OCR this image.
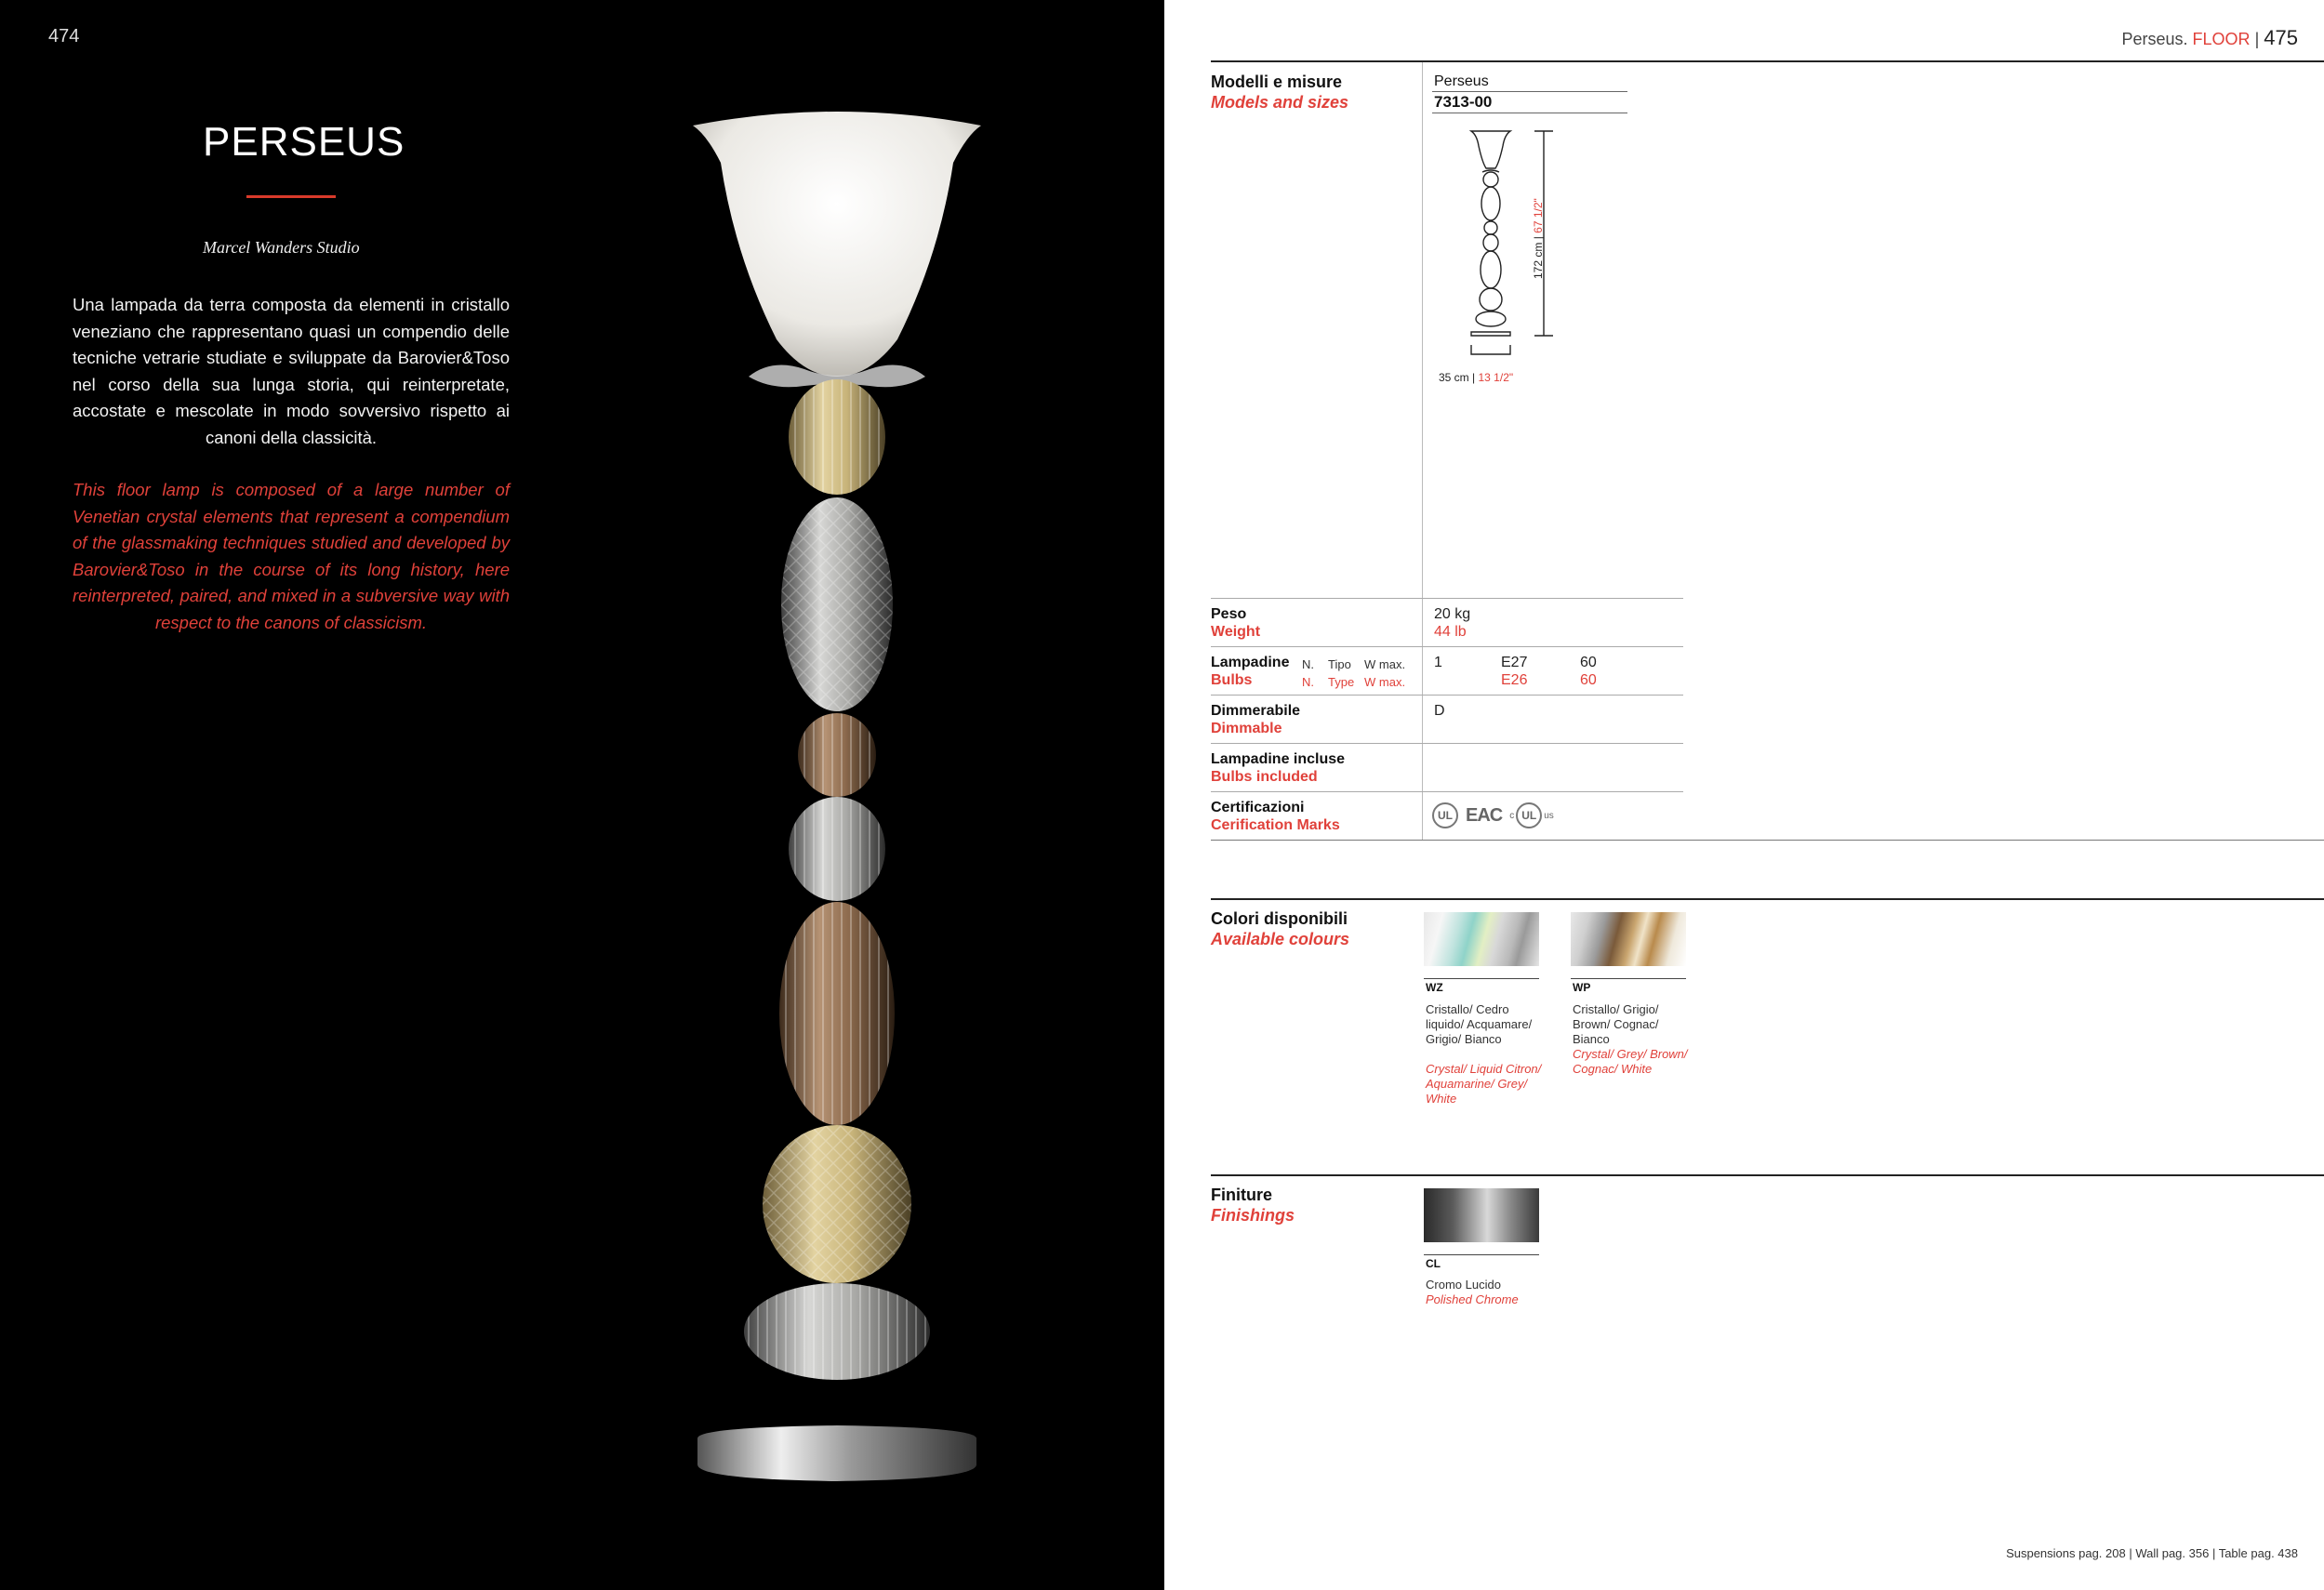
474
PERSEUS
Marcel Wanders Studio

Una lampada da terra composta da elementi in cristallo veneziano che rappresentano quasi un compendio delle tecniche vetrarie studiate e sviluppate da Barovier&Toso nel corso della sua lunga storia, qui reinterpretate, accostate e mescolate in modo sovversivo rispetto ai canoni della classicità.

This floor lamp is composed of a large number of Venetian crystal elements that represent a compendium of the glassmaking techniques studied and developed by Barovier&Toso in the course of its long history, here reinterpreted, paired, and mixed in a subversive way with respect to the canons of classicism.

Perseus. FLOOR | 475
Modelli e misure
Models and sizes
Perseus
7313-00
172 cm | 67 1/2"
35 cm | 13 1/2"
Peso
Weight
20 kg
44 lb
Lampadine
Bulbs
N. Tipo W max.
N. Type W max.
1	E27
E26
60
60
Dimmerabile
Dimmable
D
Lampadine incluse
Bulbs included
Certificazioni
Cerification Marks
UL EAC c UL us
Colori disponibili
Available colours
WZ
Cristallo/ Cedro liquido/ Acquamare/ Grigio/ Bianco
Crystal/ Liquid Citron/ Aquamarine/ Grey/ White
WP
Cristallo/ Grigio/ Brown/ Cognac/ Bianco
Crystal/ Grey/ Brown/ Cognac/ White
Finiture
Finishings
CL
Cromo Lucido
Polished Chrome
Suspensions pag. 208 | Wall pag. 356 | Table pag. 438
